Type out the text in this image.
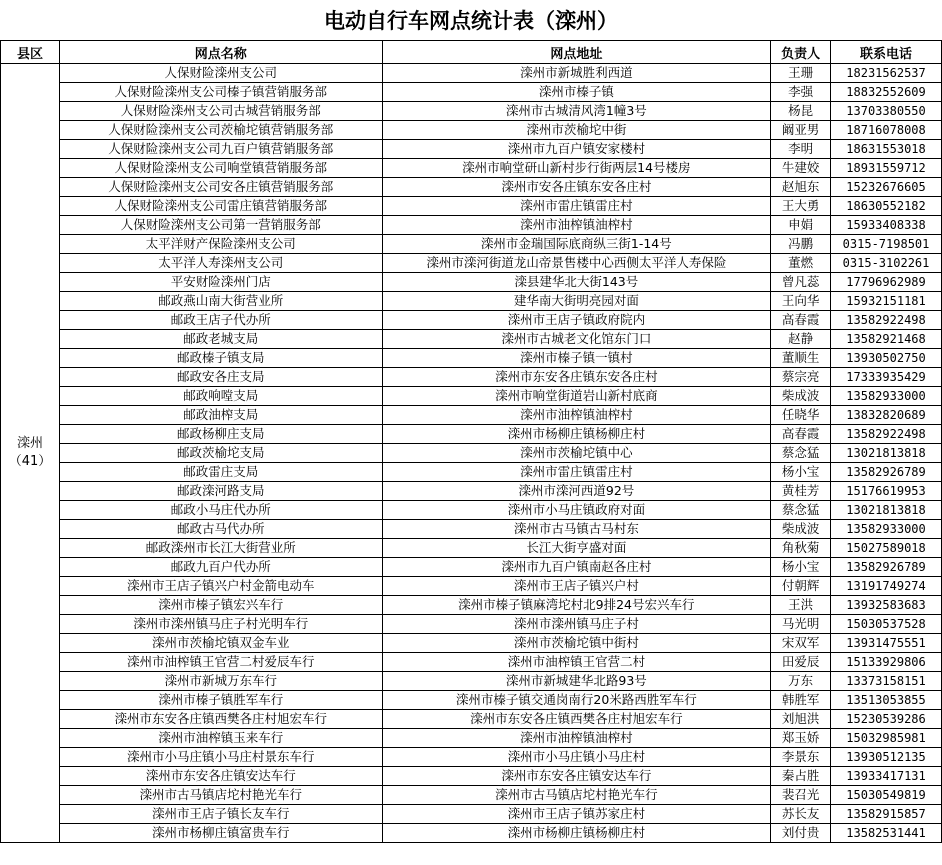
电动自行车网点统计表（滦州）
县区	网点名称	网点地址	负责人	联系电话

滦州
（41）	人保财险滦州支公司	滦州市新城胜利西道	王珊	18231562537
	人保财险滦州支公司榛子镇营销服务部	滦州市榛子镇	李强	18832552609
	人保财险滦州支公司古城营销服务部	滦州市古城清风湾1幢3号	杨昆	13703380550
	人保财险滦州支公司茨榆坨镇营销服务部	滦州市茨榆坨中街	阚亚男	18716078008
	人保财险滦州支公司九百户镇营销服务部	滦州市九百户镇安家楼村	李明	18631553018
	人保财险滦州支公司响堂镇营销服务部	滦州市响堂研山新村步行街两层14号楼房	牛建姣	18931559712
	人保财险滦州支公司安各庄镇营销服务部	滦州市安各庄镇东安各庄村	赵旭东	15232676605
	人保财险滦州支公司雷庄镇营销服务部	滦州市雷庄镇雷庄村	王大勇	18630552182
	人保财险滦州支公司第一营销服务部	滦州市油榨镇油榨村	申娟	15933408338
	太平洋财产保险滦州支公司	滦州市金瑞国际底商纵三街1-14号	冯鹏	0315-7198501
	太平洋人寿滦州支公司	滦州市滦河街道龙山帝景售楼中心西侧太平洋人寿保险	董燃	0315-3102261
	平安财险滦州门店	滦县建华北大街143号	曾凡蕊	17796962989
	邮政燕山南大街营业所	建华南大街明亮园对面	王向华	15932151181
	邮政王店子代办所	滦州市王店子镇政府院内	高春霞	13582922498
	邮政老城支局	滦州市古城老文化馆东门口	赵静	13582921468
	邮政榛子镇支局	滦州市榛子镇一镇村	董顺生	13930502750
	邮政安各庄支局	滦州市东安各庄镇东安各庄村	蔡宗亮	17333935429
	邮政响嘡支局	滦州市响堂街道岩山新村底商	柴成波	13582933000
	邮政油榨支局	滦州市油榨镇油榨村	任晓华	13832820689
	邮政杨柳庄支局	滦州市杨柳庄镇杨柳庄村	高春霞	13582922498
	邮政茨榆坨支局	滦州市茨榆坨镇中心	蔡念猛	13021813818
	邮政雷庄支局	滦州市雷庄镇雷庄村	杨小宝	13582926789
	邮政滦河路支局	滦州市滦河西道92号	黄桂芳	15176619953
	邮政小马庄代办所	滦州市小马庄镇政府对面	蔡念猛	13021813818
	邮政古马代办所	滦州市古马镇古马村东	柴成波	13582933000
	邮政滦州市长江大街营业所	长江大街亨盛对面	角秋菊	15027589018
	邮政九百户代办所	滦州市九百户镇南赵各庄村	杨小宝	13582926789
	滦州市王店子镇兴户村金箭电动车	滦州市王店子镇兴户村	付朝辉	13191749274
	滦州市榛子镇宏兴车行	滦州市榛子镇麻湾坨村北9排24号宏兴车行	王洪	13932583683
	滦州市滦州镇马庄子村光明车行	滦州市滦州镇马庄子村	马光明	15030537528
	滦州市茨榆坨镇双金车业	滦州市茨榆坨镇中街村	宋双军	13931475551
	滦州市油榨镇王官营二村爱辰车行	滦州市油榨镇王官营二村	田爱辰	15133929806
	滦州市新城万东车行	滦州市新城建华北路93号	万东	13373158151
	滦州市榛子镇胜军车行	滦州市榛子镇交通岗南行20米路西胜军车行	韩胜军	13513053855
	滦州市东安各庄镇西樊各庄村旭宏车行	滦州市东安各庄镇西樊各庄村旭宏车行	刘旭洪	15230539286
	滦州市油榨镇玉来车行	滦州市油榨镇油榨村	郑玉娇	15032985981
	滦州市小马庄镇小马庄村景东车行	滦州市小马庄镇小马庄村	李景东	13930512135
	滦州市东安各庄镇安达车行	滦州市东安各庄镇安达车行	秦占胜	13933417131
	滦州市古马镇店坨村艳光车行	滦州市古马镇店坨村艳光车行	裴召光	15030549819
	滦州市王店子镇长友车行	滦州市王店子镇苏家庄村	苏长友	13582915857
	滦州市杨柳庄镇富贵车行	滦州市杨柳庄镇杨柳庄村	刘付贵	13582531441
